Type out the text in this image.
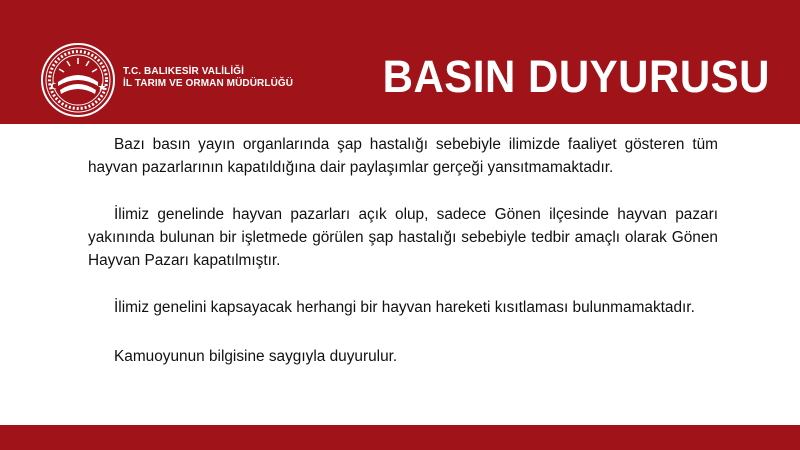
T.C. BALIKESİR VALİLİĞİ
İL TARIM VE ORMAN MÜDÜRLÜĞÜ BASIN DUYURUSU

Bazı basın yayın organlarında şap hastalığı sebebiyle ilimizde faaliyet gösteren tüm hayvan pazarlarının kapatıldığına dair paylaşımlar gerçeği yansıtmamaktadır.

İlimiz genelinde hayvan pazarları açık olup, sadece Gönen ilçesinde hayvan pazarı yakınında bulunan bir işletmede görülen şap hastalığı sebebiyle tedbir amaçlı olarak Gönen Hayvan Pazarı kapatılmıştır.

İlimiz genelini kapsayacak herhangi bir hayvan hareketi kısıtlaması bulunmamaktadır.

Kamuoyunun bilgisine saygıyla duyurulur.
